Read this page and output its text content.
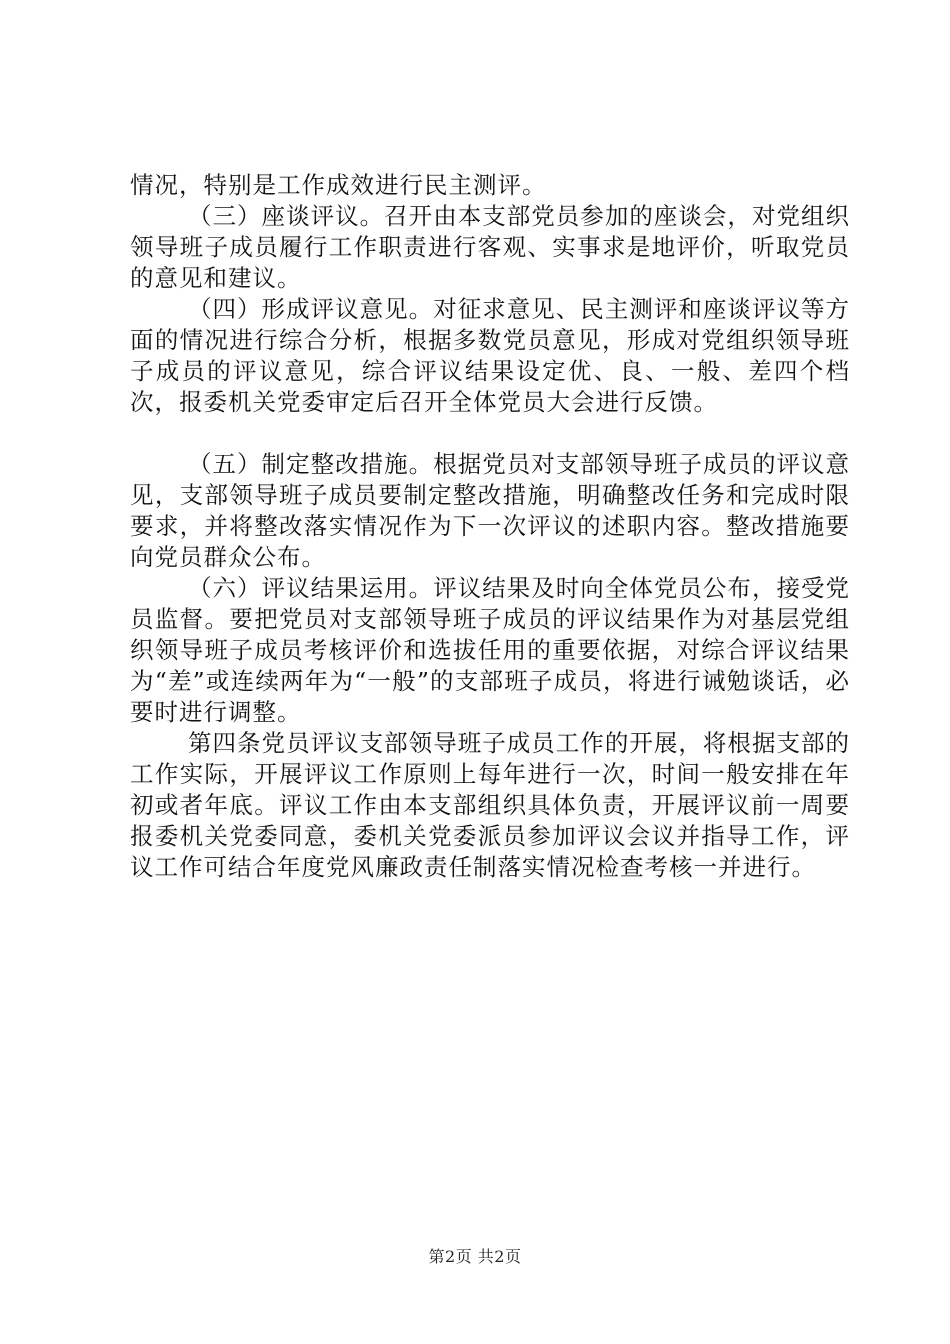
情况，特别是工作成效进行民主测评。

（三）座谈评议。召开由本支部党员参加的座谈会，对党组织领导班子成员履行工作职责进行客观、实事求是地评价，听取党员的意见和建议。

（四）形成评议意见。对征求意见、民主测评和座谈评议等方面的情况进行综合分析，根据多数党员意见，形成对党组织领导班子成员的评议意见，综合评议结果设定优、良、一般、差四个档次，报委机关党委审定后召开全体党员大会进行反馈。

（五）制定整改措施。根据党员对支部领导班子成员的评议意见，支部领导班子成员要制定整改措施，明确整改任务和完成时限要求，并将整改落实情况作为下一次评议的述职内容。整改措施要向党员群众公布。

（六）评议结果运用。评议结果及时向全体党员公布，接受党员监督。要把党员对支部领导班子成员的评议结果作为对基层党组织领导班子成员考核评价和选拔任用的重要依据，对综合评议结果为“差”或连续两年为“一般”的支部班子成员，将进行诫勉谈话，必要时进行调整。

第四条党员评议支部领导班子成员工作的开展，将根据支部的工作实际，开展评议工作原则上每年进行一次，时间一般安排在年初或者年底。评议工作由本支部组织具体负责，开展评议前一周要报委机关党委同意，委机关党委派员参加评议会议并指导工作，评议工作可结合年度党风廉政责任制落实情况检查考核一并进行。

第2页 共2页
